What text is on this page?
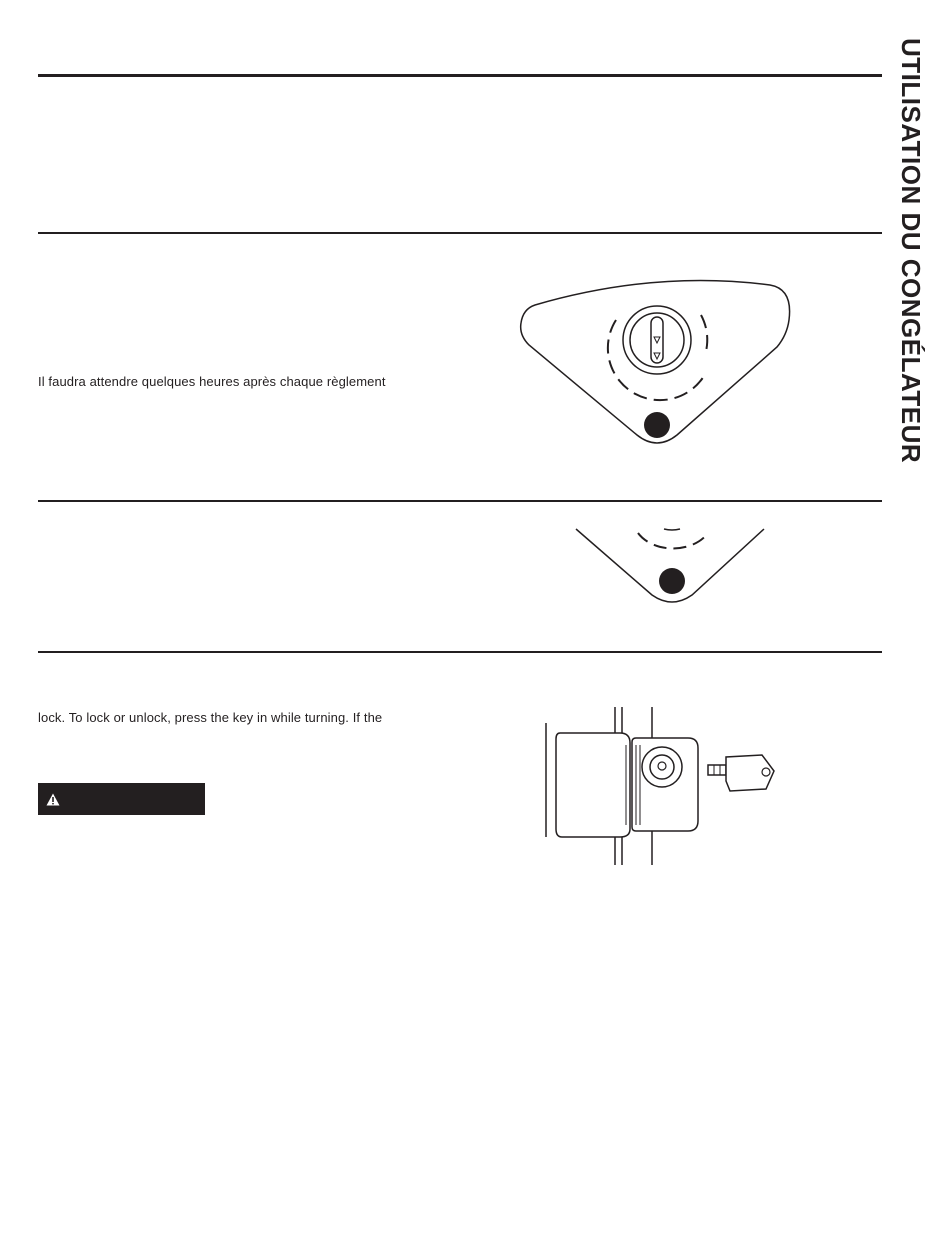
UTILISATION DU CONGÉLATEUR
Il faudra attendre quelques heures après chaque règlement
lock. To lock or unlock, press the key in while turning. If the
